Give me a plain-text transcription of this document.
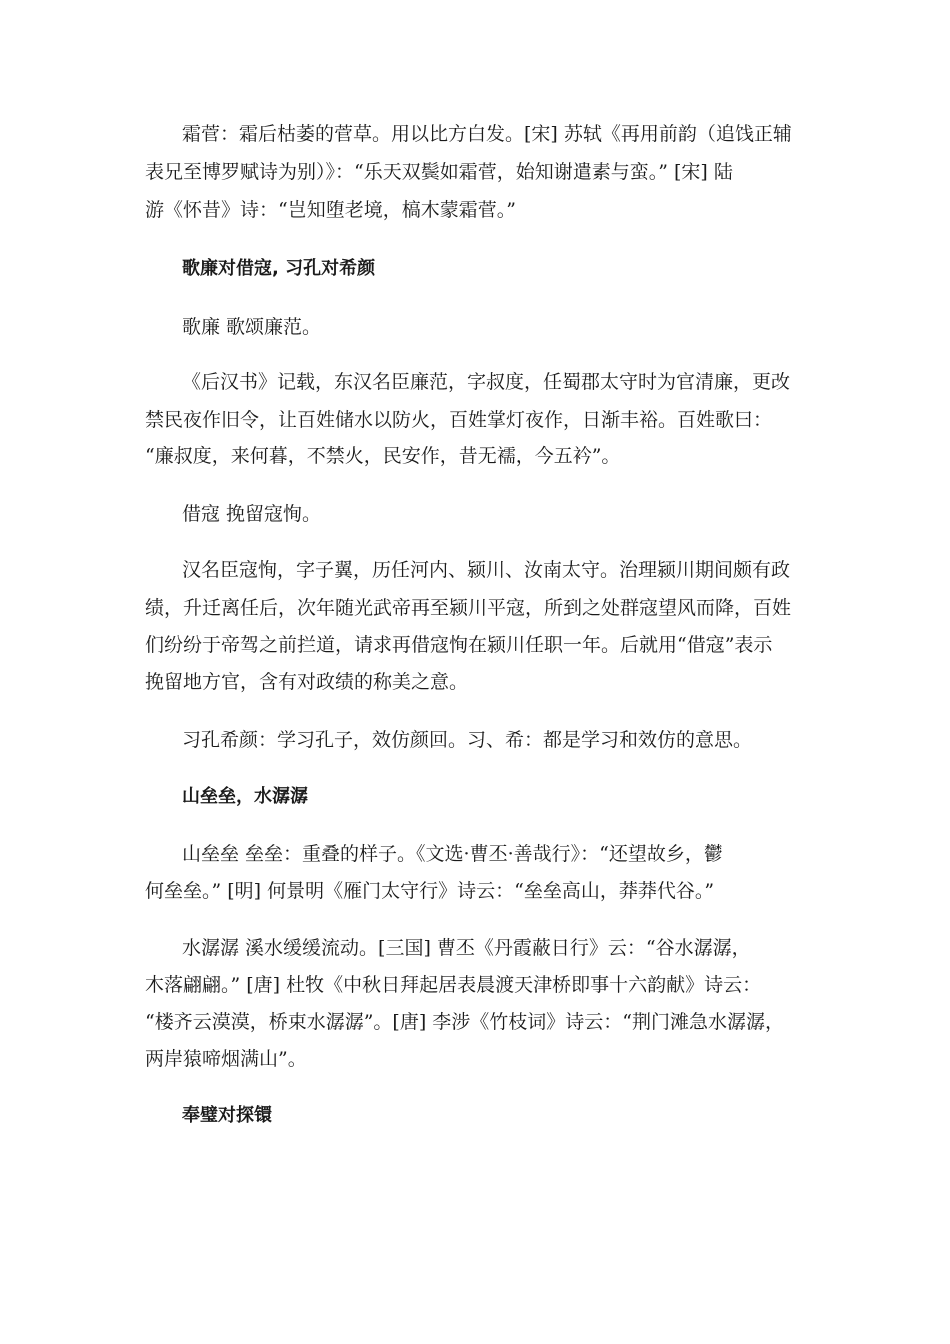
霜菅：霜后枯萎的菅草。用以比方白发。[宋] 苏轼《再用前韵（追饯正辅
表兄至博罗赋诗为别）》：“乐天双鬓如霜菅，始知谢遣素与蛮。” [宋] 陆
游《怀昔》诗：“岂知堕老境，槁木蒙霜菅。”
歌廉对借寇, 习孔对希颜
歌廉 歌颂廉范。
《后汉书》记载，东汉名臣廉范，字叔度，任蜀郡太守时为官清廉，更改
禁民夜作旧令，让百姓储水以防火，百姓掌灯夜作，日渐丰裕。百姓歌曰：
“廉叔度，来何暮，不禁火，民安作，昔无襦，今五衿”。
借寇 挽留寇恂。
汉名臣寇恂，字子翼，历任河内、颍川、汝南太守。治理颍川期间颇有政
绩，升迁离任后，次年随光武帝再至颍川平寇，所到之处群寇望风而降，百姓
们纷纷于帝驾之前拦道，请求再借寇恂在颍川任职一年。后就用“借寇”表示
挽留地方官，含有对政绩的称美之意。
习孔希颜：学习孔子，效仿颜回。习、希：都是学习和效仿的意思。
山垒垒，水潺潺
山垒垒 垒垒：重叠的样子。《文选·曹丕·善哉行》：“还望故乡，鬱
何垒垒。” [明] 何景明《雁门太守行》诗云：“垒垒高山，莽莽代谷。”
水潺潺 溪水缓缓流动。[三国] 曹丕《丹霞蔽日行》云：“谷水潺潺，
木落翩翩。” [唐] 杜牧《中秋日拜起居表晨渡天津桥即事十六韵献》诗云：
“楼齐云漠漠，桥束水潺潺”。[唐] 李涉《竹枝词》诗云：“荆门滩急水潺潺，
两岸猿啼烟满山”。
奉璧对探镮
